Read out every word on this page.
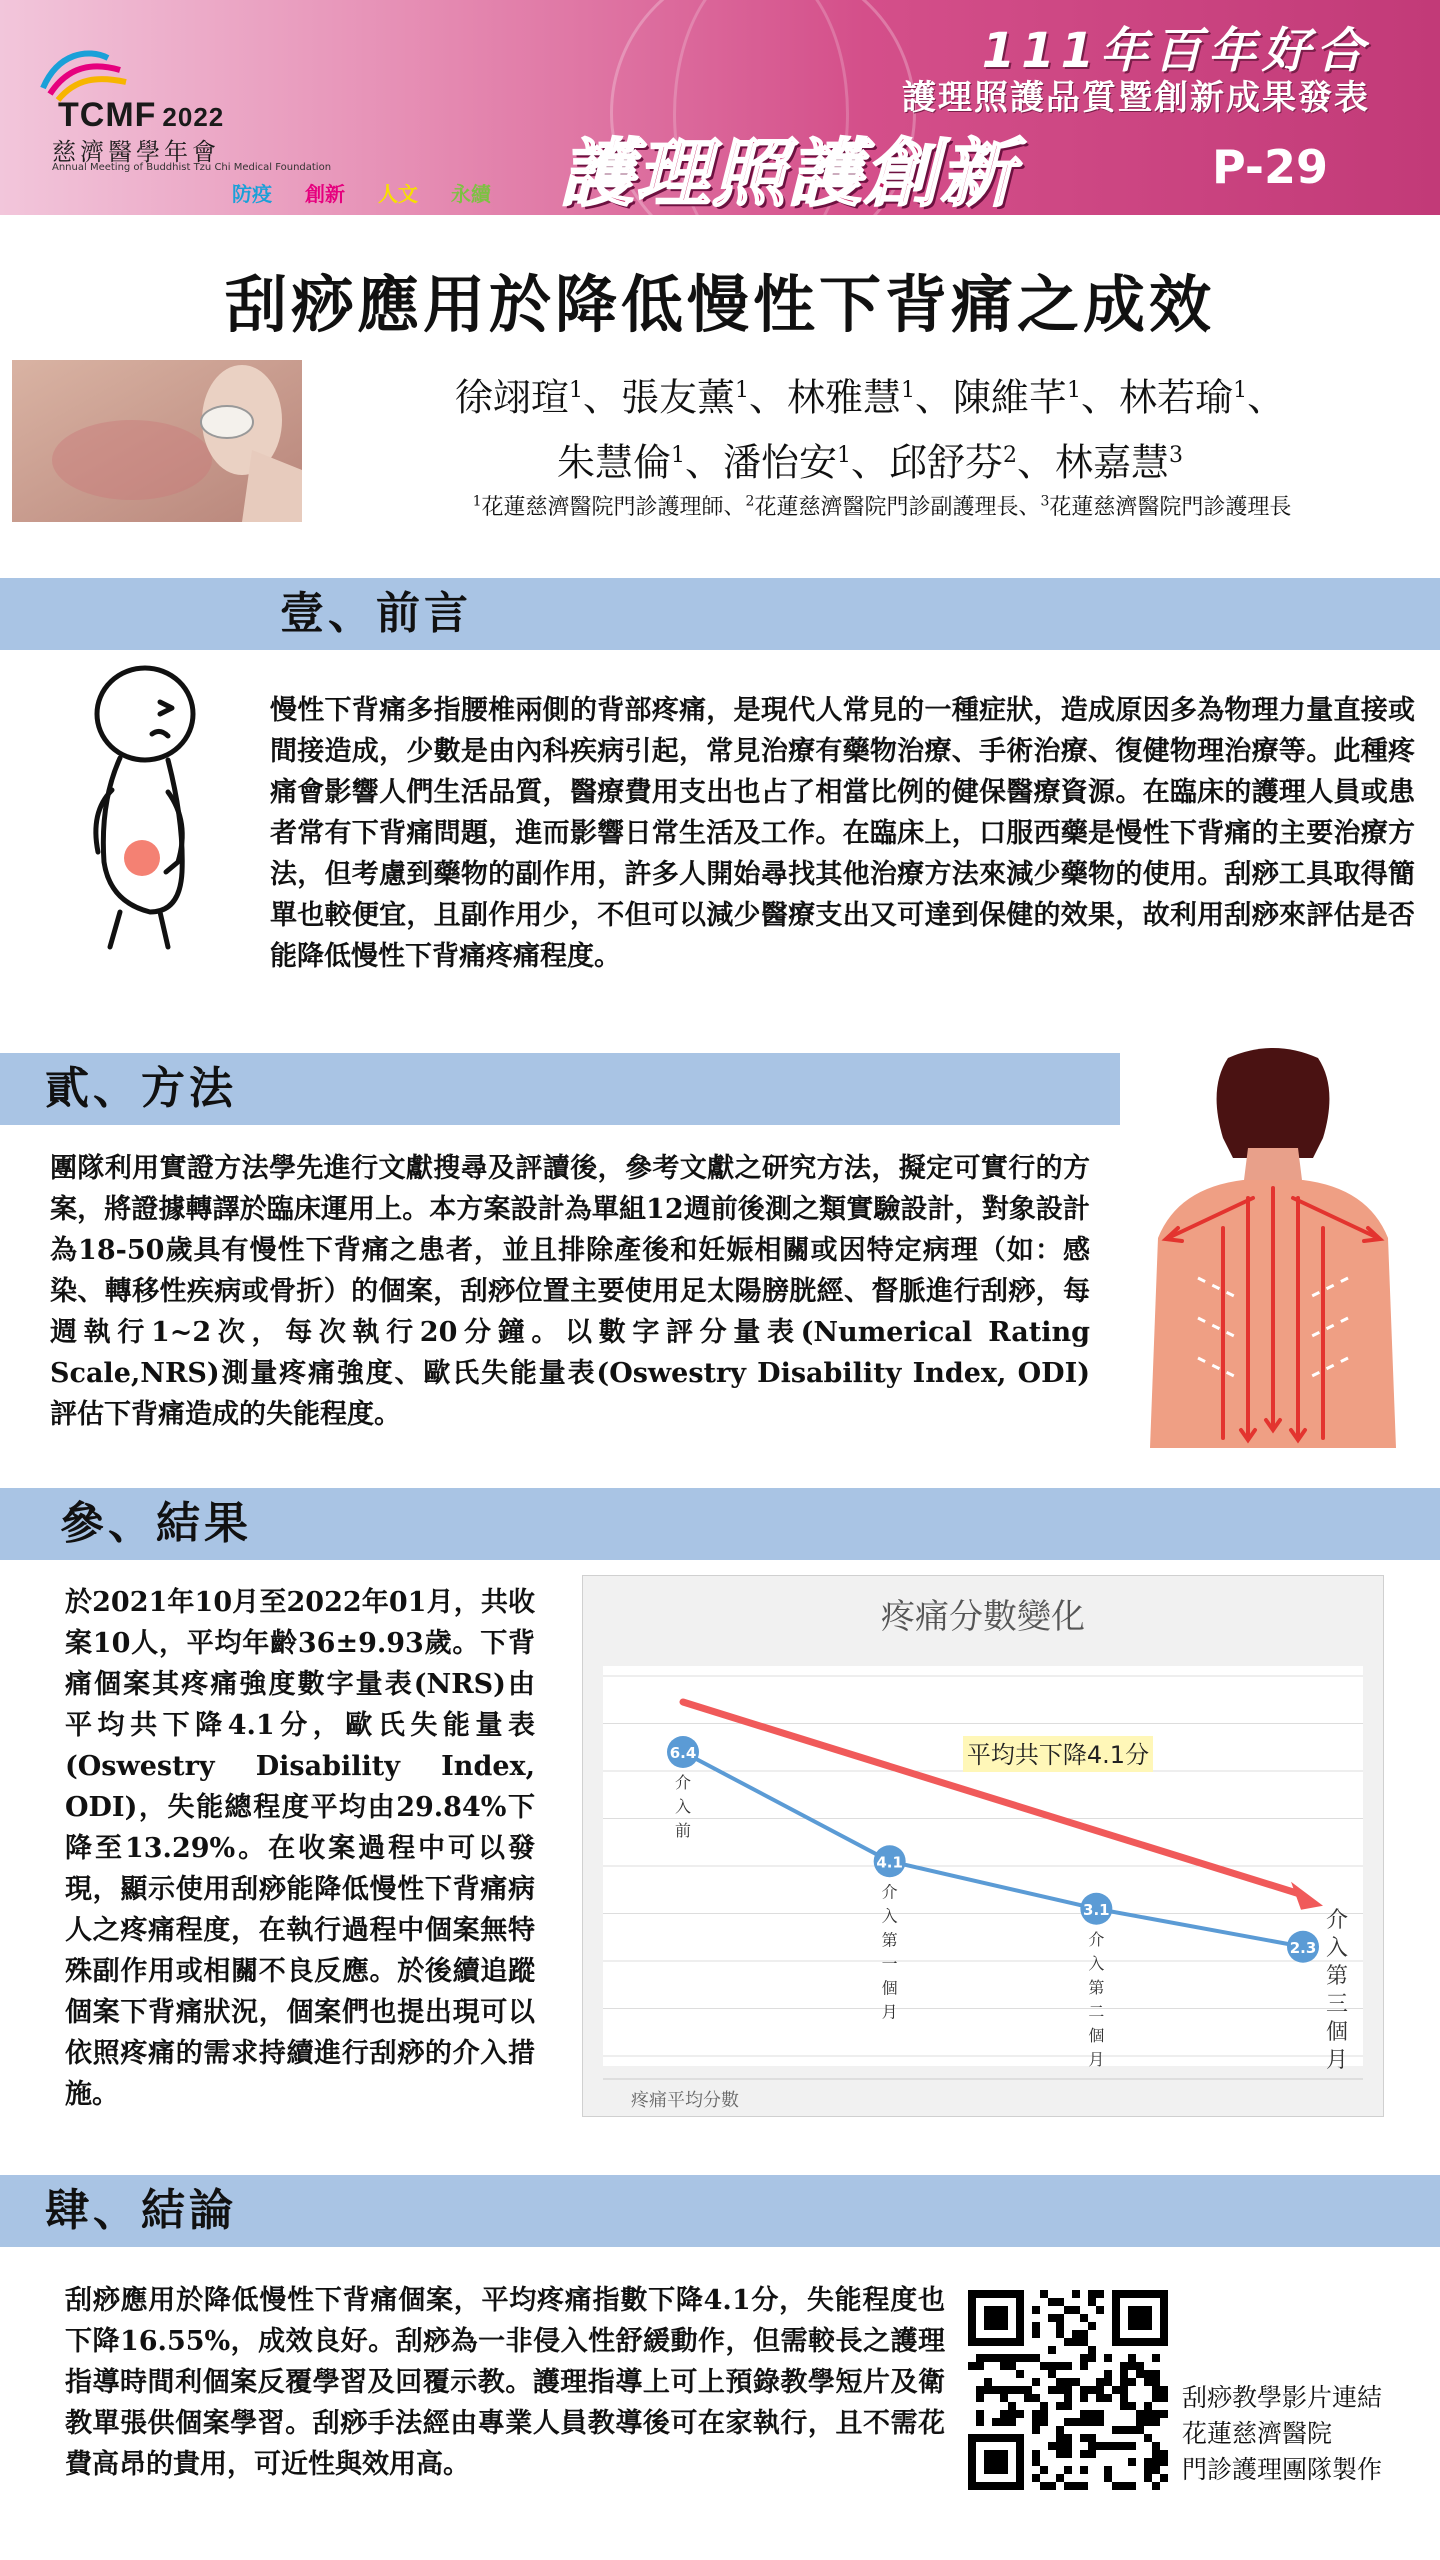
TCMF 2022
慈濟醫學年會
Annual Meeting of Buddhist Tzu Chi Medical Foundation
防疫 創新 人文 永續
111年百年好合
護理照護品質暨創新成果發表
護理照護創新	P-29
刮痧應用於降低慢性下背痛之成效
徐翊瑄$^1$、張友薰$^1$、林雅慧$^1$、陳維芊$^1$、林若瑜$^1$、
朱慧倫$^1$、潘怡安$^1$、邱舒芬$^2$、林嘉慧$^3$
$^1$花蓮慈濟醫院門診護理師、$^2$花蓮慈濟醫院門診副護理長、$^3$花蓮慈濟醫院門診護理長
壹、前言
慢性下背痛多指腰椎兩側的背部疼痛，是現代人常見的一種症狀，造成原因多為物理力量直接或間接造成，少數是由內科疾病引起，常見治療有藥物治療、手術治療、復健物理治療等。此種疼痛會影響人們生活品質，醫療費用支出也占了相當比例的健保醫療資源。在臨床的護理人員或患者常有下背痛問題，進而影響日常生活及工作。在臨床上，口服西藥是慢性下背痛的主要治療方法，但考慮到藥物的副作用，許多人開始尋找其他治療方法來減少藥物的使用。刮痧工具取得簡單也較便宜，且副作用少，不但可以減少醫療支出又可達到保健的效果，故利用刮痧來評估是否能降低慢性下背痛疼痛程度。
貳、方法
團隊利用實證方法學先進行文獻搜尋及評讀後，參考文獻之研究方法，擬定可實行的方案，將證據轉譯於臨床運用上。本方案設計為單組12週前後測之類實驗設計，對象設計為18-50歲具有慢性下背痛之患者，並且排除產後和妊娠相關或因特定病理（如：感染、轉移性疾病或骨折）的個案，刮痧位置主要使用足太陽膀胱經、督脈進行刮痧，每週執行1~2次，每次執行20分鐘。以數字評分量表(Numerical Rating Scale,NRS)測量疼痛強度、歐氏失能量表(Oswestry Disability Index, ODI) 評估下背痛造成的失能程度。
參、結果
於2021年10月至2022年01月，共收案10人，平均年齡36±9.93歲。下背痛個案其疼痛強度數字量表(NRS)由平均共下降4.1分，歐氏失能量表(Oswestry Disability Index, ODI)，失能總程度平均由29.84%下降至13.29%。在收案過程中可以發現，顯示使用刮痧能降低慢性下背痛病人之疼痛程度，在執行過程中個案無特殊副作用或相關不良反應。於後續追蹤個案下背痛狀況，個案們也提出現可以依照疼痛的需求持續進行刮痧的介入措施。
疼痛分數變化
平均共下降4.1分
6.4
介入前
4.1
介入第一個月
3.1
介入第二個月
2.3
介入第三個月
疼痛平均分數
肆、結論
刮痧應用於降低慢性下背痛個案，平均疼痛指數下降4.1分，失能程度也下降16.55%，成效良好。刮痧為一非侵入性舒緩動作，但需較長之護理指導時間利個案反覆學習及回覆示教。護理指導上可上預錄教學短片及衛教單張供個案學習。刮痧手法經由專業人員教導後可在家執行，且不需花費高昂的貴用，可近性與效用高。
刮痧教學影片連結
花蓮慈濟醫院
門診護理團隊製作
